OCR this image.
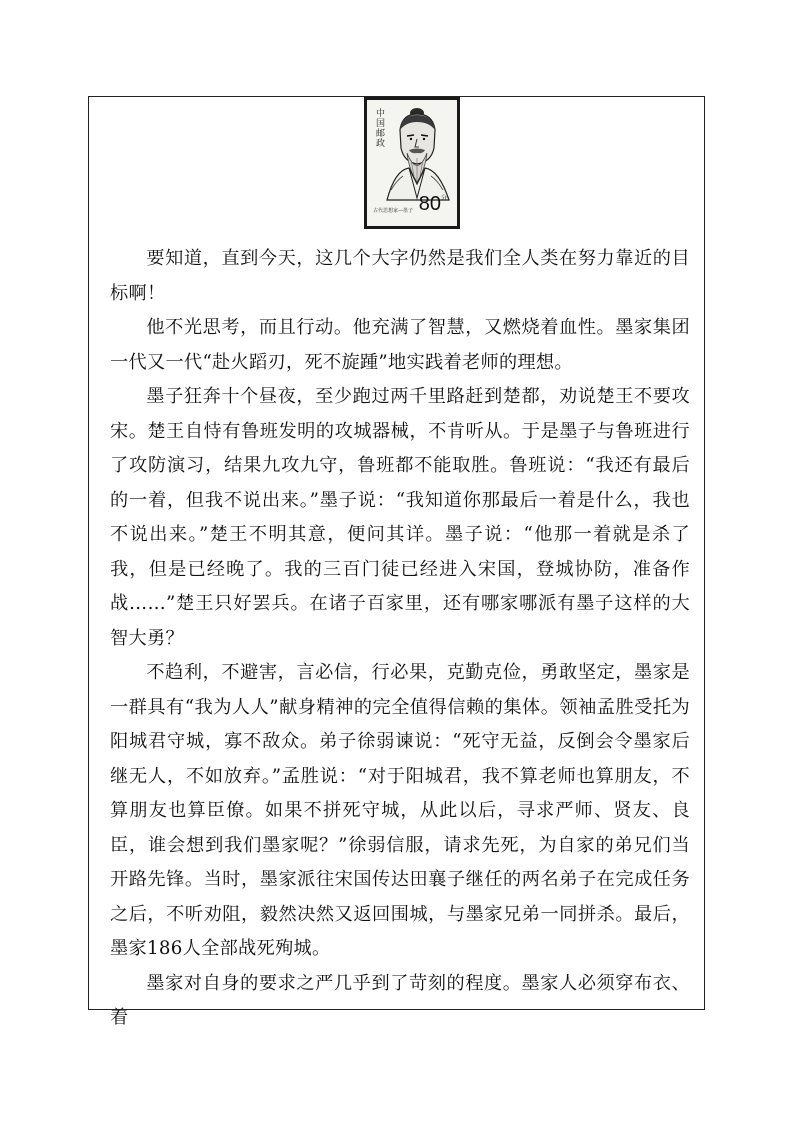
中国邮政
$80^分$
古代思想家—墨子

要知道，直到今天，这几个大字仍然是我们全人类在努力靠近的目标啊！

他不光思考，而且行动。他充满了智慧，又燃烧着血性。墨家集团一代又一代“赴火蹈刃，死不旋踵”地实践着老师的理想。

墨子狂奔十个昼夜，至少跑过两千里路赶到楚都，劝说楚王不要攻宋。楚王自恃有鲁班发明的攻城器械，不肯听从。于是墨子与鲁班进行了攻防演习，结果九攻九守，鲁班都不能取胜。鲁班说：“我还有最后的一着，但我不说出来。”墨子说：“我知道你那最后一着是什么，我也不说出来。”楚王不明其意，便问其详。墨子说：“他那一着就是杀了我，但是已经晚了。我的三百门徒已经进入宋国，登城协防，准备作战……”楚王只好罢兵。在诸子百家里，还有哪家哪派有墨子这样的大智大勇？

不趋利，不避害，言必信，行必果，克勤克俭，勇敢坚定，墨家是一群具有“我为人人”献身精神的完全值得信赖的集体。领袖孟胜受托为阳城君守城，寡不敌众。弟子徐弱谏说：“死守无益，反倒会令墨家后继无人，不如放弃。”孟胜说：“对于阳城君，我不算老师也算朋友，不算朋友也算臣僚。如果不拼死守城，从此以后，寻求严师、贤友、良臣，谁会想到我们墨家呢？”徐弱信服，请求先死，为自家的弟兄们当开路先锋。当时，墨家派往宋国传达田襄子继任的两名弟子在完成任务之后，不听劝阻，毅然决然又返回围城，与墨家兄弟一同拼杀。最后，墨家186人全部战死殉城。

墨家对自身的要求之严几乎到了苛刻的程度。墨家人必须穿布衣、着
